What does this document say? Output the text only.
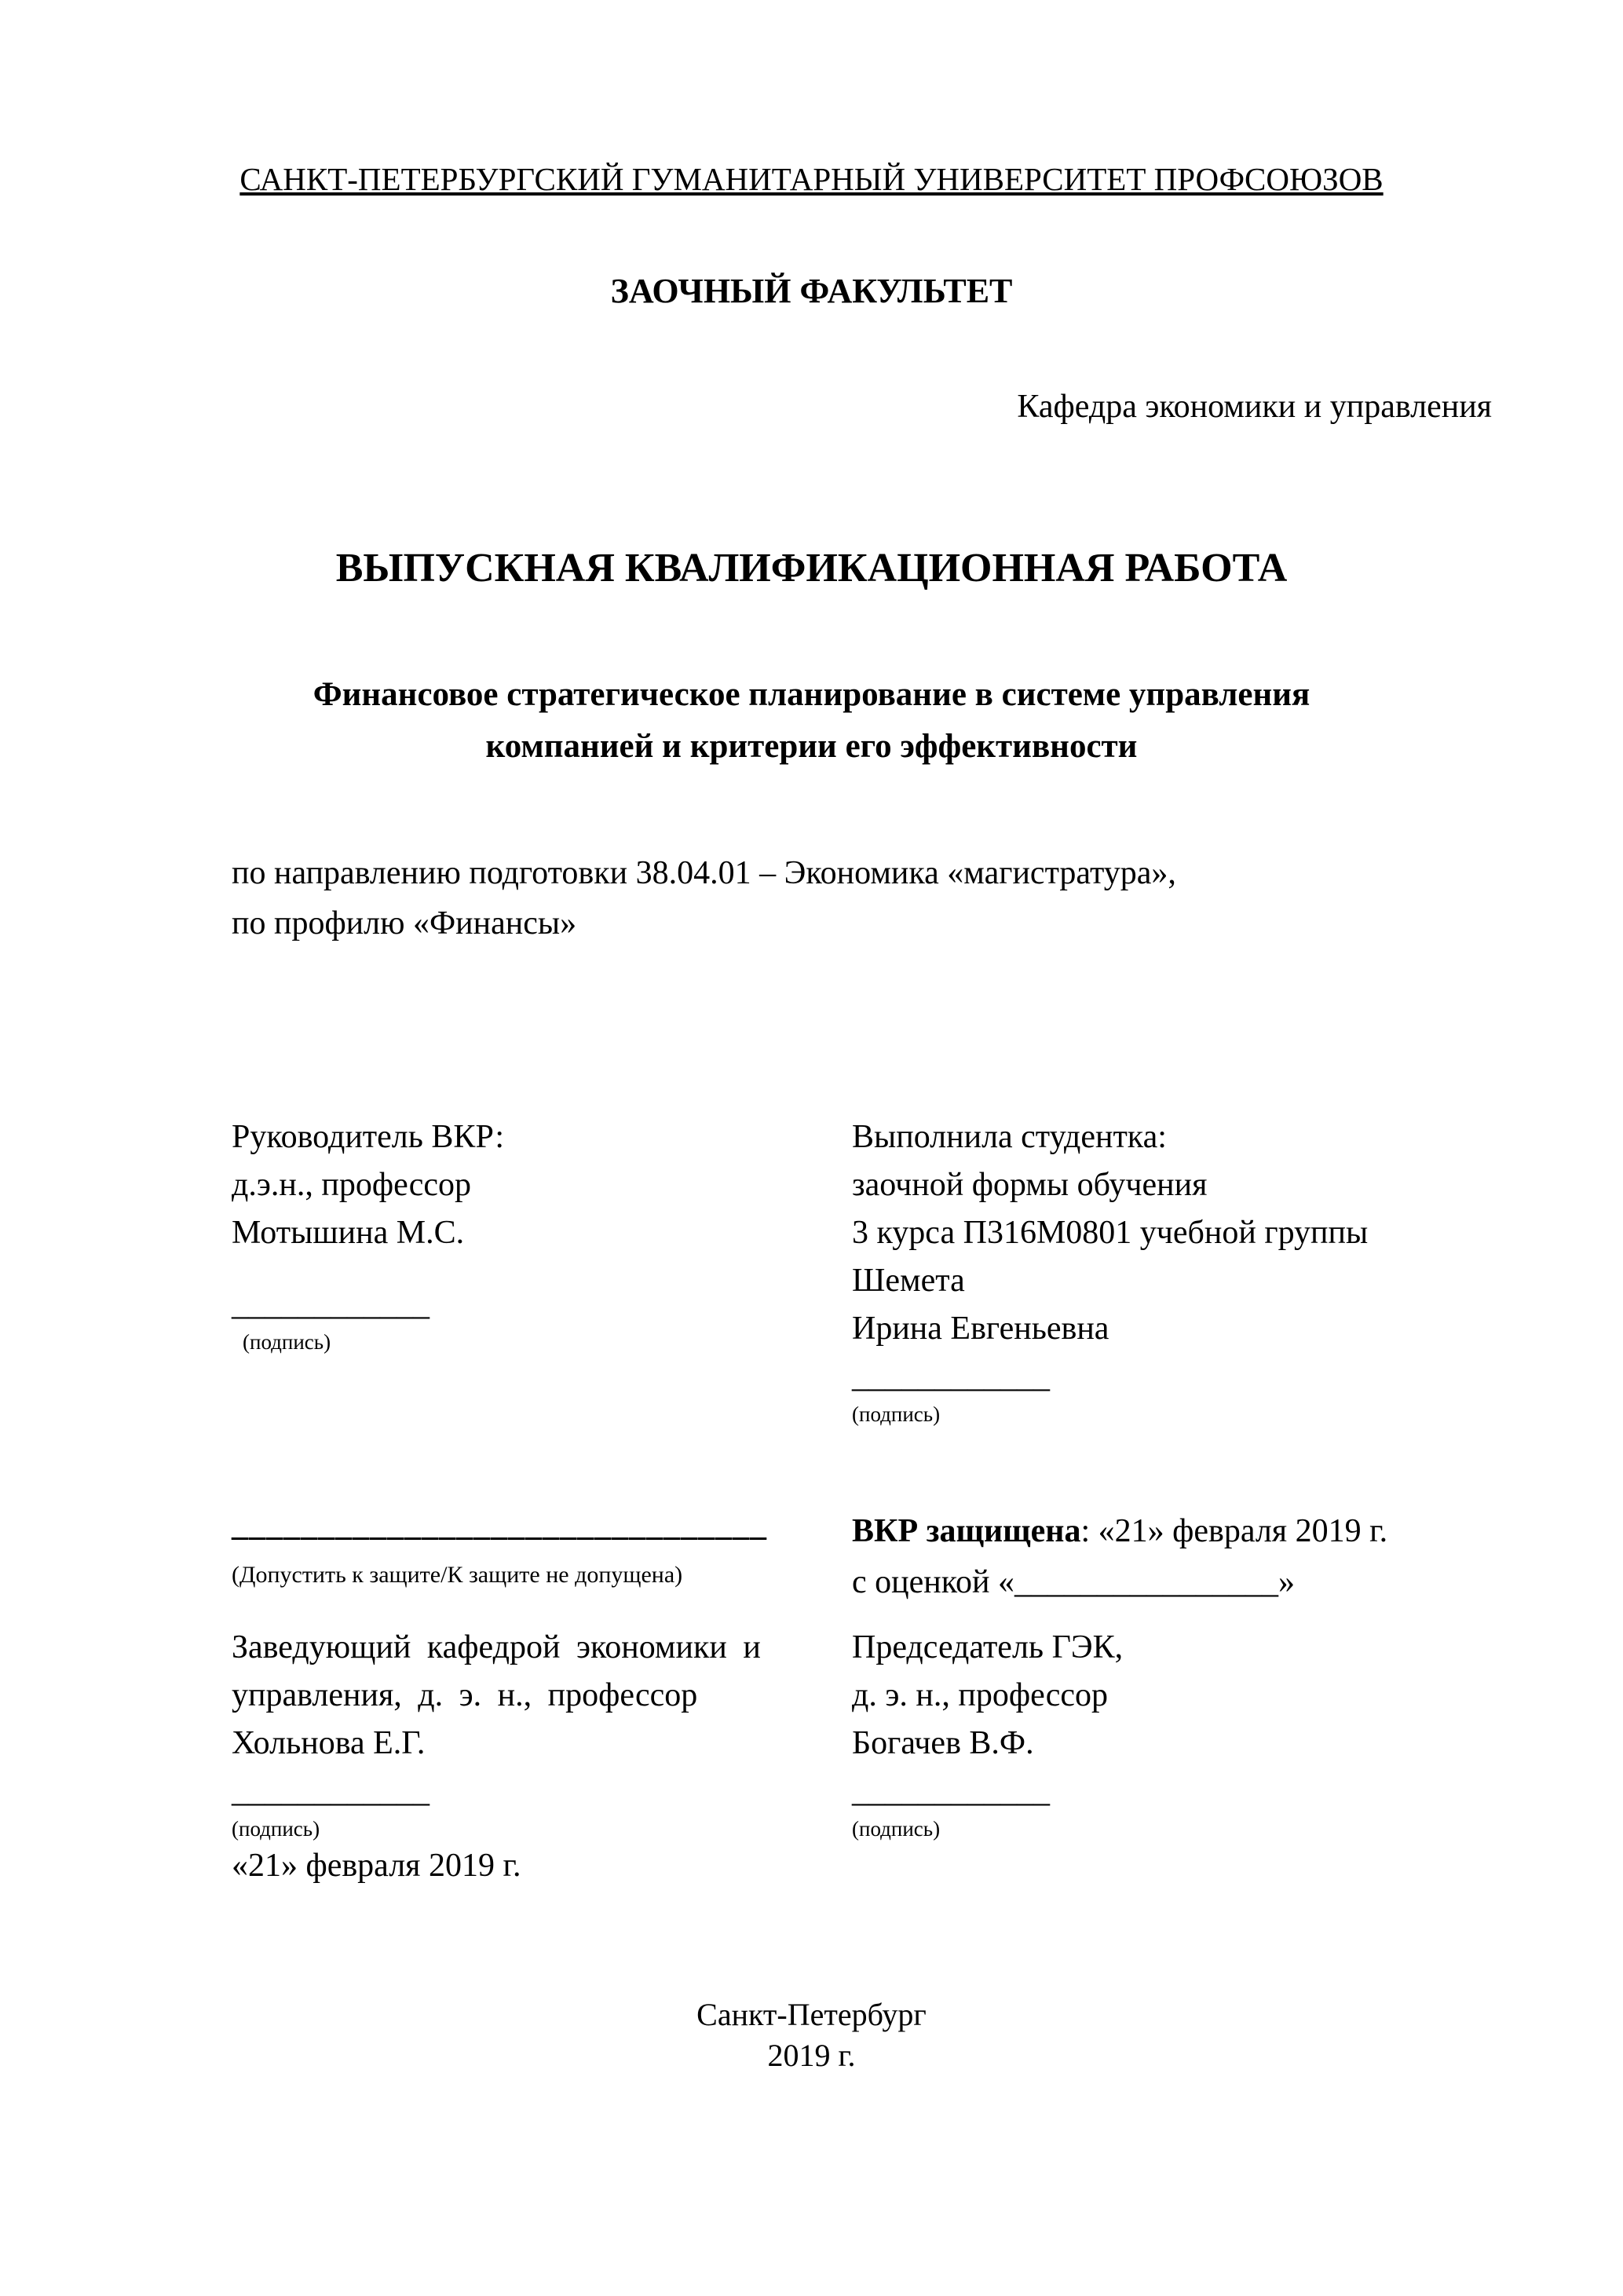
САНКТ-ПЕТЕРБУРГСКИЙ ГУМАНИТАРНЫЙ УНИВЕРСИТЕТ ПРОФСОЮЗОВ
ЗАОЧНЫЙ ФАКУЛЬТЕТ
Кафедра экономики и управления
ВЫПУСКНАЯ КВАЛИФИКАЦИОННАЯ РАБОТА
Финансовое стратегическое планирование в системе управления
компанией и критерии его эффективности
по направлению подготовки 38.04.01 – Экономика «магистратура»,
по профилю «Финансы»
Руководитель ВКР:
д.э.н., профессор
Мотышина М.С.
____________
(подпись)
Выполнила студентка:
заочной формы обучения
3 курса П316М0801 учебной группы
Шемета
Ирина Евгеньевна
____________
(подпись)
_______________________________
(Допустить к защите/К защите не допущена)
ВКР защищена: «21» февраля 2019 г.
с оценкой «________________»
Заведующий кафедрой экономики и
управления, д. э. н., профессор
Хольнова Е.Г.
____________
(подпись)
«21» февраля 2019 г.
Председатель ГЭК,
д. э. н., профессор
Богачев В.Ф.
____________
(подпись)
Санкт-Петербург
2019 г.
